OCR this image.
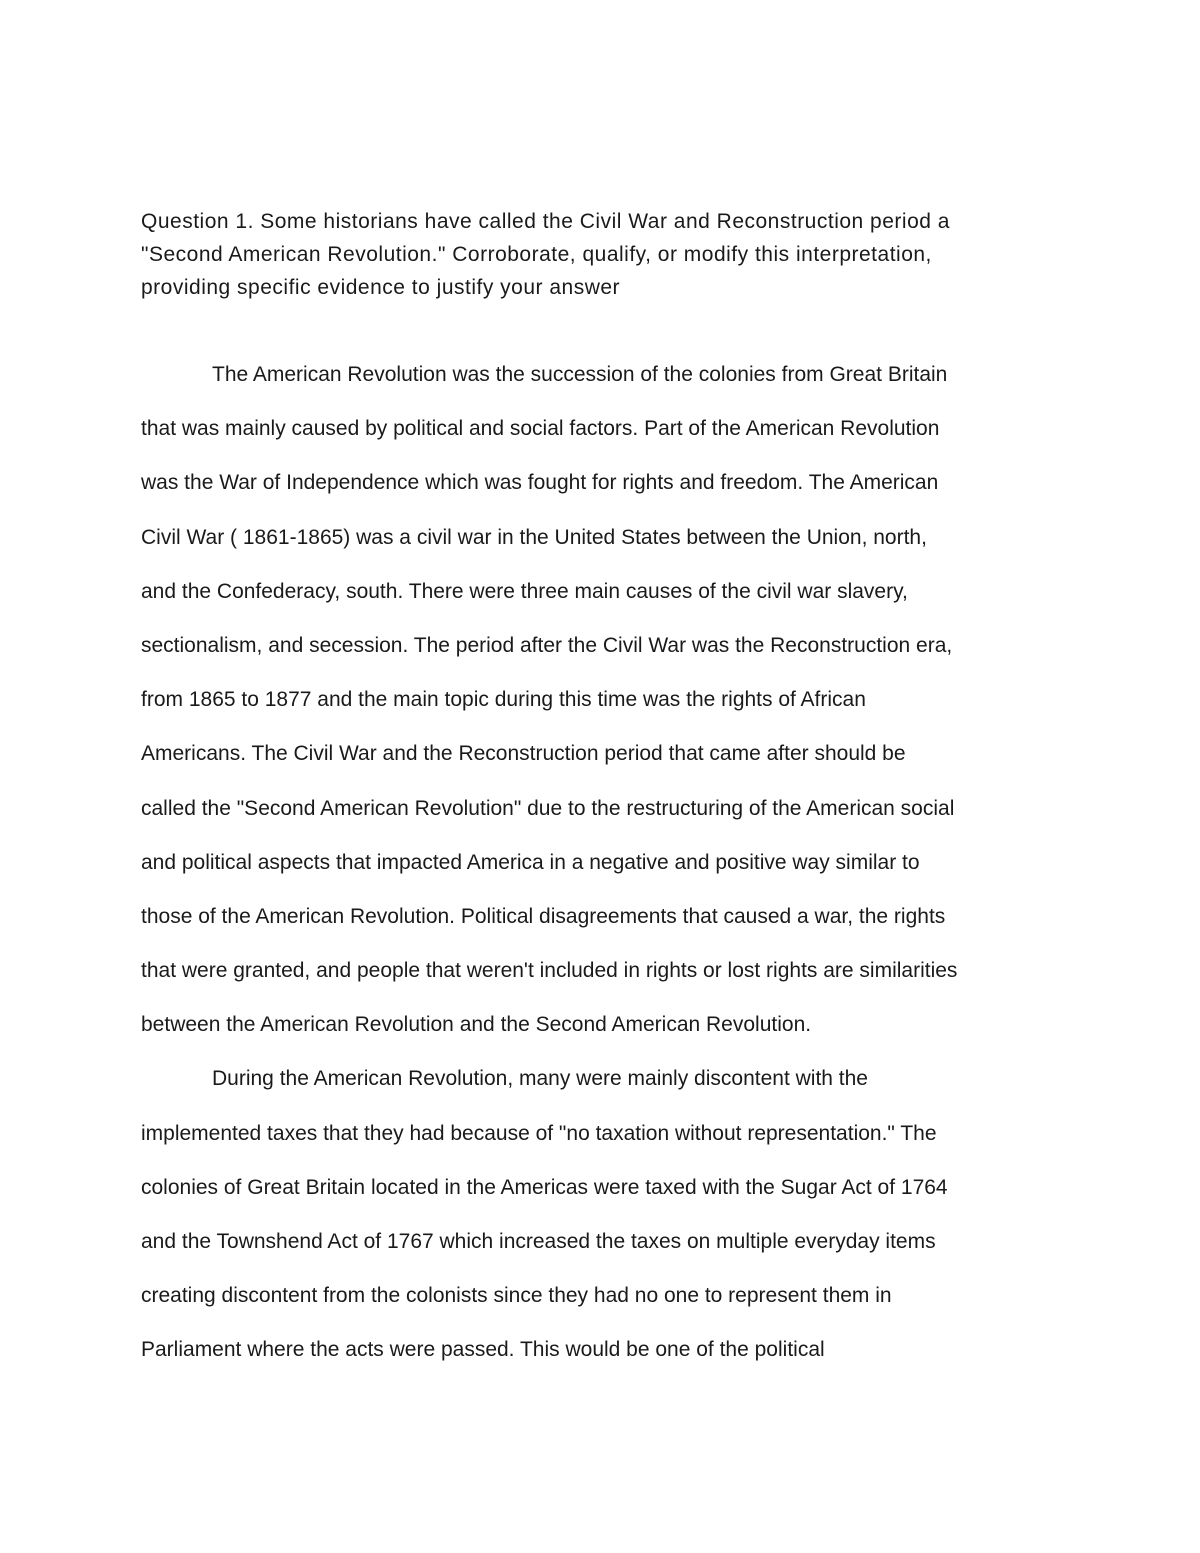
Question 1. Some historians have called the Civil War and Reconstruction period a
"Second American Revolution." Corroborate, qualify, or modify this interpretation,
providing specific evidence to justify your answer
The American Revolution was the succession of the colonies from Great Britain
that was mainly caused by political and social factors. Part of the American Revolution
was the War of Independence which was fought for rights and freedom. The American
Civil War ( 1861-1865) was a civil war in the United States between the Union, north,
and the Confederacy, south. There were three main causes of the civil war slavery,
sectionalism, and secession. The period after the Civil War was the Reconstruction era,
from 1865 to 1877 and the main topic during this time was the rights of African
Americans. The Civil War and the Reconstruction period that came after should be
called the "Second American Revolution" due to the restructuring of the American social
and political aspects that impacted America in a negative and positive way similar to
those of the American Revolution. Political disagreements that caused a war, the rights
that were granted, and people that weren't included in rights or lost rights are similarities
between the American Revolution and the Second American Revolution.
During the American Revolution, many were mainly discontent with the
implemented taxes that they had because of "no taxation without representation." The
colonies of Great Britain located in the Americas were taxed with the Sugar Act of 1764
and the Townshend Act of 1767 which increased the taxes on multiple everyday items
creating discontent from the colonists since they had no one to represent them in
Parliament where the acts were passed. This would be one of the political
